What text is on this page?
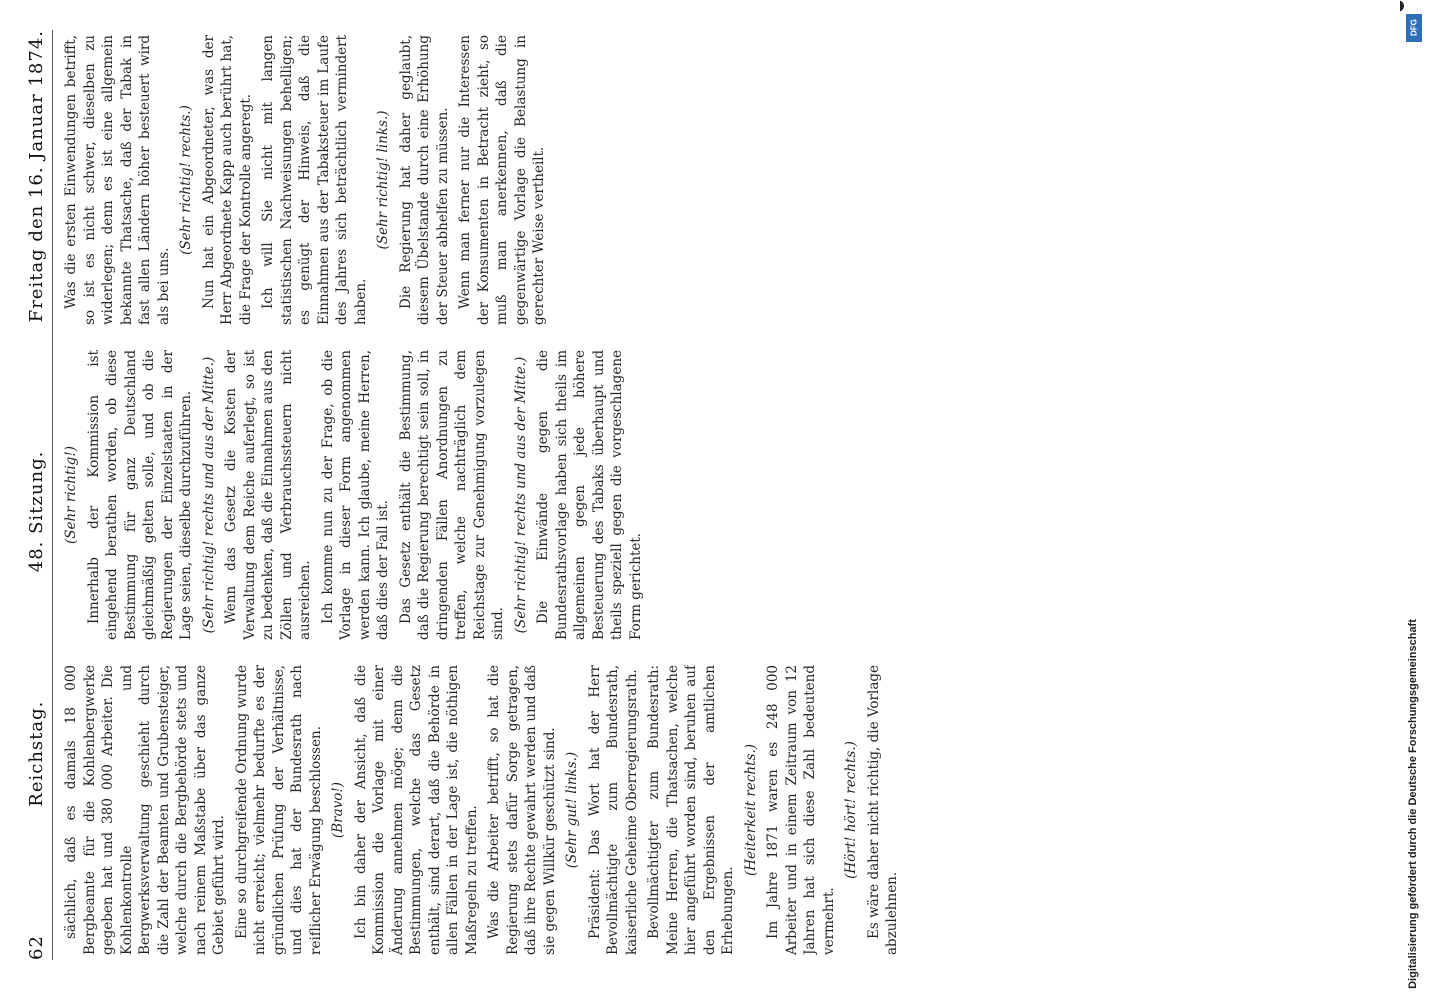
62
Reichstag.
48. Sitzung.
Freitag den 16. Januar 1874.

sächlich, daß es damals 18 000 Bergbeamte für die Kohlenbergwerke gegeben hat und 380 000 Arbeiter. Die Kohlenkontrolle und Bergwerksverwaltung geschieht durch die Zahl der Beamten und Grubensteiger, welche durch die Bergbehörde stets und nach reinem Maßstabe über das ganze Gebiet geführt wird. Eine so durchgreifende Ordnung wurde nicht erreicht; vielmehr bedurfte es der gründlichen Prüfung der Verhältnisse, und dies hat der Bundesrath nach reiflicher Erwägung beschlossen. (Bravo!) Ich bin daher der Ansicht, daß die Kommission die Vorlage mit einer Änderung annehmen möge; denn die Bestimmungen, welche das Gesetz enthält, sind derart, daß die Behörde in allen Fällen in der Lage ist, die nöthigen Maßregeln zu treffen. Was die Arbeiter betrifft, so hat die Regierung stets dafür Sorge getragen, daß ihre Rechte gewahrt werden und daß sie gegen Willkür geschützt sind. (Sehr gut! links.) Präsident: Das Wort hat der Herr Bevollmächtigte zum Bundesrath, kaiserliche Geheime Oberregierungsrath. Bevollmächtigter zum Bundesrath: Meine Herren, die Thatsachen, welche hier angeführt worden sind, beruhen auf den Ergebnissen der amtlichen Erhebungen.

(Heiterkeit rechts.) Im Jahre 1871 waren es 248 000 Arbeiter und in einem Zeitraum von 12 Jahren hat sich diese Zahl bedeutend vermehrt.

(Hört! hört! rechts.) Es wäre daher nicht richtig, die Vorlage abzulehnen.

(Sehr richtig!) Innerhalb der Kommission ist eingehend berathen worden, ob diese Bestimmung für ganz Deutschland gleichmäßig gelten solle, und ob die Regierungen der Einzelstaaten in der Lage seien, dieselbe durchzuführen. (Sehr richtig! rechts und aus der Mitte.) Wenn das Gesetz die Kosten der Verwaltung dem Reiche auferlegt, so ist zu bedenken, daß die Einnahmen aus den Zöllen und Verbrauchssteuern nicht ausreichen. Ich komme nun zu der Frage, ob die Vorlage in dieser Form angenommen werden kann. Ich glaube, meine Herren, daß dies der Fall ist. Das Gesetz enthält die Bestimmung, daß die Regierung berechtigt sein soll, in dringenden Fällen Anordnungen zu treffen, welche nachträglich dem Reichstage zur Genehmigung vorzulegen sind. (Sehr richtig! rechts und aus der Mitte.) Die Einwände gegen die Bundesrathsvorlage haben sich theils im allgemeinen gegen jede höhere Besteuerung des Tabaks überhaupt und theils speziell gegen die vorgeschlagene Form gerichtet.

Was die ersten Einwendungen betrifft, so ist es nicht schwer, dieselben zu widerlegen; denn es ist eine allgemein bekannte Thatsache, daß der Tabak in fast allen Ländern höher besteuert wird als bei uns.

(Sehr richtig! rechts.) Nun hat ein Abgeordneter, was der Herr Abgeordnete Kapp auch berührt hat, die Frage der Kontrolle angeregt. Ich will Sie nicht mit langen statistischen Nachweisungen behelligen; es genügt der Hinweis, daß die Einnahmen aus der Tabaksteuer im Laufe des Jahres sich beträchtlich vermindert haben.

(Sehr richtig! links.) Die Regierung hat daher geglaubt, diesem Übelstande durch eine Erhöhung der Steuer abhelfen zu müssen. Wenn man ferner nur die Interessen der Konsumenten in Betracht zieht, so muß man anerkennen, daß die gegenwärtige Vorlage die Belastung in gerechter Weise vertheilt.

Digitalisierung gefördert durch die Deutsche Forschungsgemeinschaft
DFG
